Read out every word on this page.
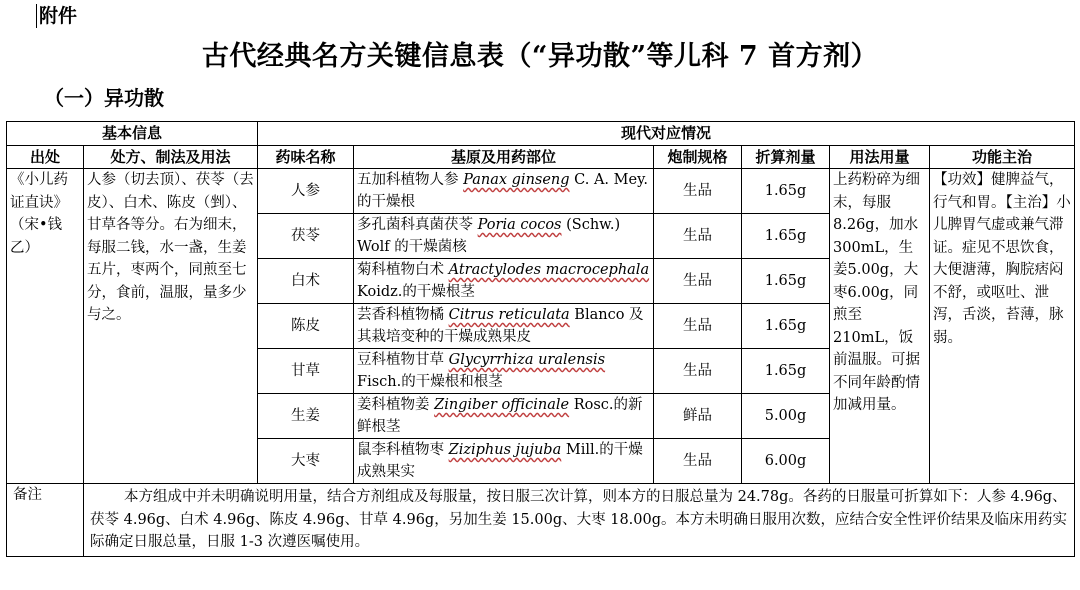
附件
古代经典名方关键信息表（“异功散”等儿科 7 首方剂）
（一）异功散
基本信息		现代对应情况					
出处	处方、制法及用法	药味名称	基原及用药部位	炮制规格	折算剂量	用法用量	功能主治
《小儿药证直诀》（宋•钱乙）	人参（切去顶）、茯苓（去皮）、白术、陈皮（剉）、甘草各等分。右为细末，每服二钱，水一盏，生姜五片，枣两个，同煎至七分，食前，温服，量多少与之。	人参	五加科植物人参 Panax ginseng C. A. Mey.的干燥根	生品	1.65g	上药粉碎为细末，每服8.26g，加水300mL，生姜5.00g，大枣6.00g，同煎至 210mL，饭前温服。可据不同年龄酌情加减用量。	【功效】健脾益气，行气和胃。【主治】小儿脾胃气虚或兼气滞证。症见不思饮食，大便溏薄，胸脘痞闷不舒，或呕吐、泄泻，舌淡，苔薄，脉弱。
		茯苓	多孔菌科真菌茯苓 Poria cocos (Schw.) Wolf 的干燥菌核	生品	1.65g		
		白术	菊科植物白术 Atractylodes macrocephala Koidz.的干燥根茎	生品	1.65g		
		陈皮	芸香科植物橘 Citrus reticulata Blanco 及其栽培变种的干燥成熟果皮	生品	1.65g		
		甘草	豆科植物甘草 Glycyrrhiza uralensis Fisch.的干燥根和根茎	生品	1.65g		
		生姜	姜科植物姜 Zingiber officinale Rosc.的新鲜根茎	鲜品	5.00g		
		大枣	鼠李科植物枣 Ziziphus jujuba Mill.的干燥成熟果实	生品	6.00g		
备注	本方组成中并未明确说明用量，结合方剂组成及每服量，按日服三次计算，则本方的日服总量为 24.78g。各药的日服量可折算如下：人参 4.96g、茯苓 4.96g、白术 4.96g、陈皮 4.96g、甘草 4.96g，另加生姜 15.00g、大枣 18.00g。本方未明确日服用次数，应结合安全性评价结果及临床用药实际确定日服总量，日服 1-3 次遵医嘱使用。						
